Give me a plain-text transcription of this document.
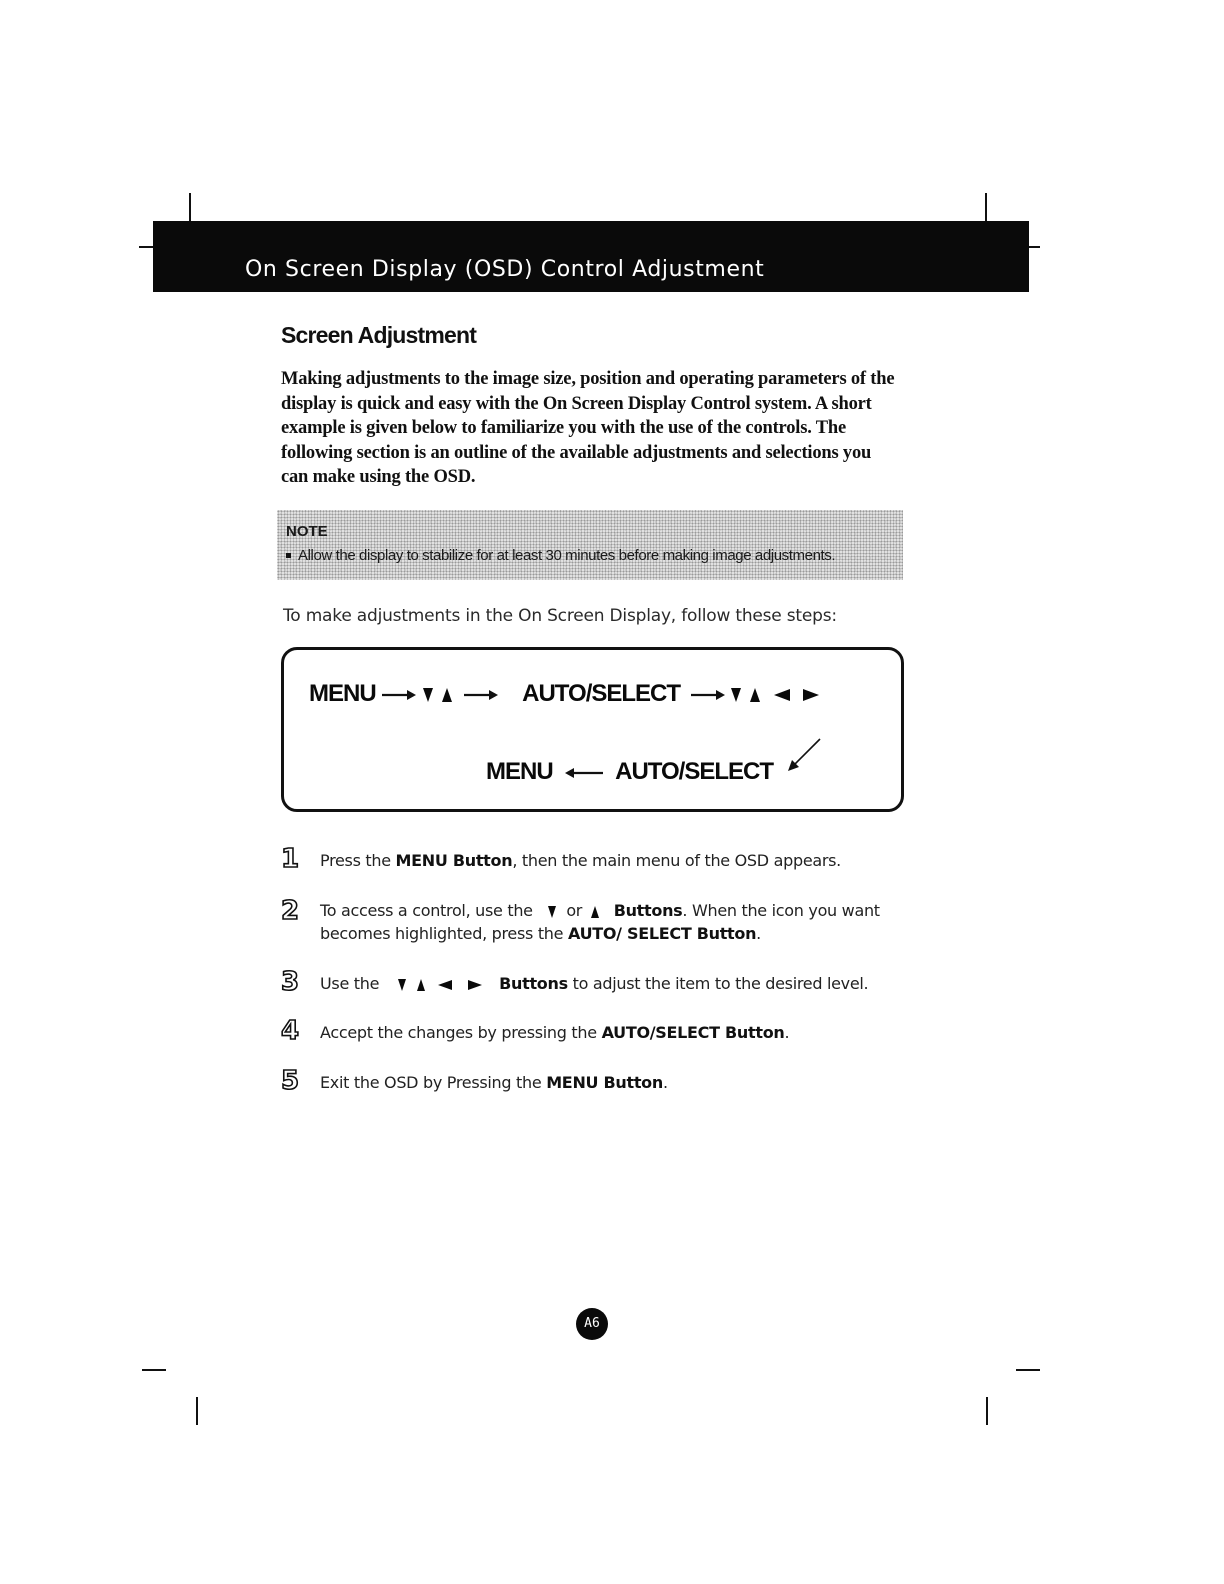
On Screen Display (OSD) Control Adjustment
Screen Adjustment
Making adjustments to the image size, position and operating parameters of the display is quick and easy with the On Screen Display Control system. A short example is given below to familiarize you with the use of the controls. The following section is an outline of the available adjustments and selections you can make using the OSD.
NOTE
Allow the display to stabilize for at least 30 minutes before making image adjustments.
To make adjustments in the On Screen Display, follow these steps:
MENU	AUTO/SELECT
MENU	AUTO/SELECT
1 Press the MENU Button, then the main menu of the OSD appears.
2 To access a control, use the or Buttons. When the icon you want becomes highlighted, press the AUTO/ SELECT Button.
3 Use the	Buttons to adjust the item to the desired level.
4 Accept the changes by pressing the AUTO/SELECT Button.
5 Exit the OSD by Pressing the MENU Button.
A6
